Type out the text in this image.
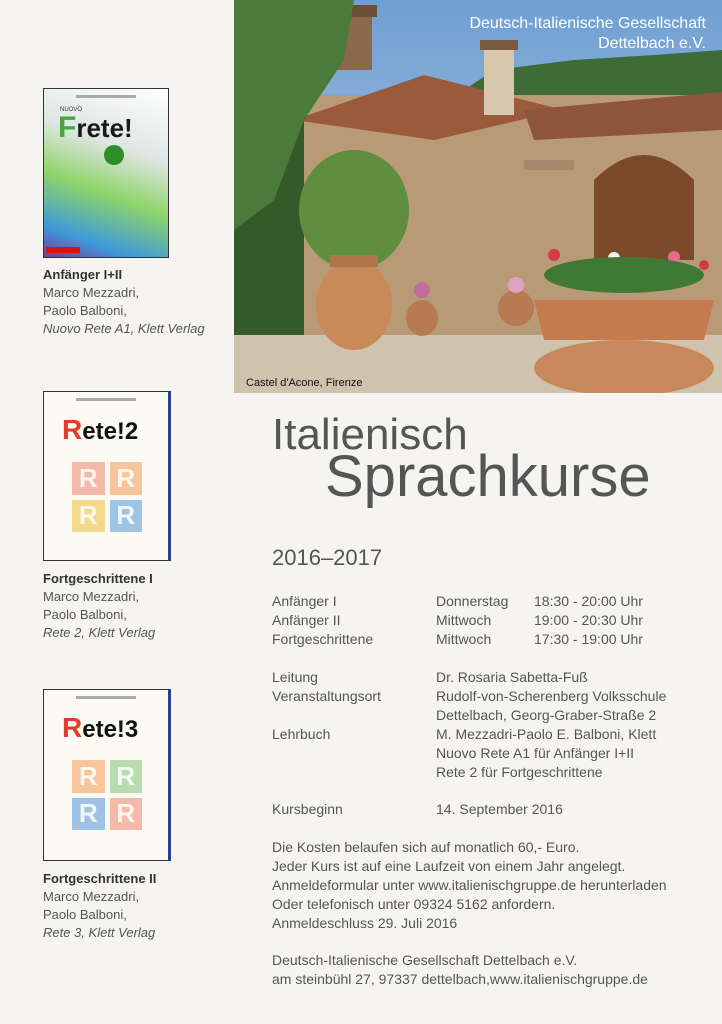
Frete!
NUOVO
Anfänger I+II
Marco Mezzadri,
Paolo Balboni,
Nuovo Rete A1, Klett Verlag
Rete!2
R R
R R
Fortgeschrittene I
Marco Mezzadri,
Paolo Balboni,
Rete 2, Klett Verlag
Rete!3
R R
R R
Fortgeschrittene II
Marco Mezzadri,
Paolo Balboni,
Rete 3, Klett Verlag
Deutsch-Italienische Gesellschaft
Dettelbach e.V.
Castel d'Acone, Firenze
Italienisch
Sprachkurse
2016–2017
Anfänger I	Donnerstag 18:30 - 20:00 Uhr
Anfänger II	Mittwoch	19:00 - 20:30 Uhr
Fortgeschrittene	Mittwoch	17:30 - 19:00 Uhr
Leitung	Dr. Rosaria Sabetta-Fuß
Veranstaltungsort	Rudolf-von-Scherenberg Volksschule
Dettelbach, Georg-Graber-Straße 2
Lehrbuch	M. Mezzadri-Paolo E. Balboni, Klett
Nuovo Rete A1 für Anfänger I+II
Rete 2 für Fortgeschrittene
Kursbeginn	14. September 2016
Die Kosten belaufen sich auf monatlich 60,- Euro.
Jeder Kurs ist auf eine Laufzeit von einem Jahr angelegt.
Anmeldeformular unter www.italienischgruppe.de herunterladen
Oder telefonisch unter 09324 5162 anfordern.
Anmeldeschluss 29. Juli 2016
Deutsch-Italienische Gesellschaft Dettelbach e.V.
am steinbühl 27, 97337 dettelbach,www.italienischgruppe.de
